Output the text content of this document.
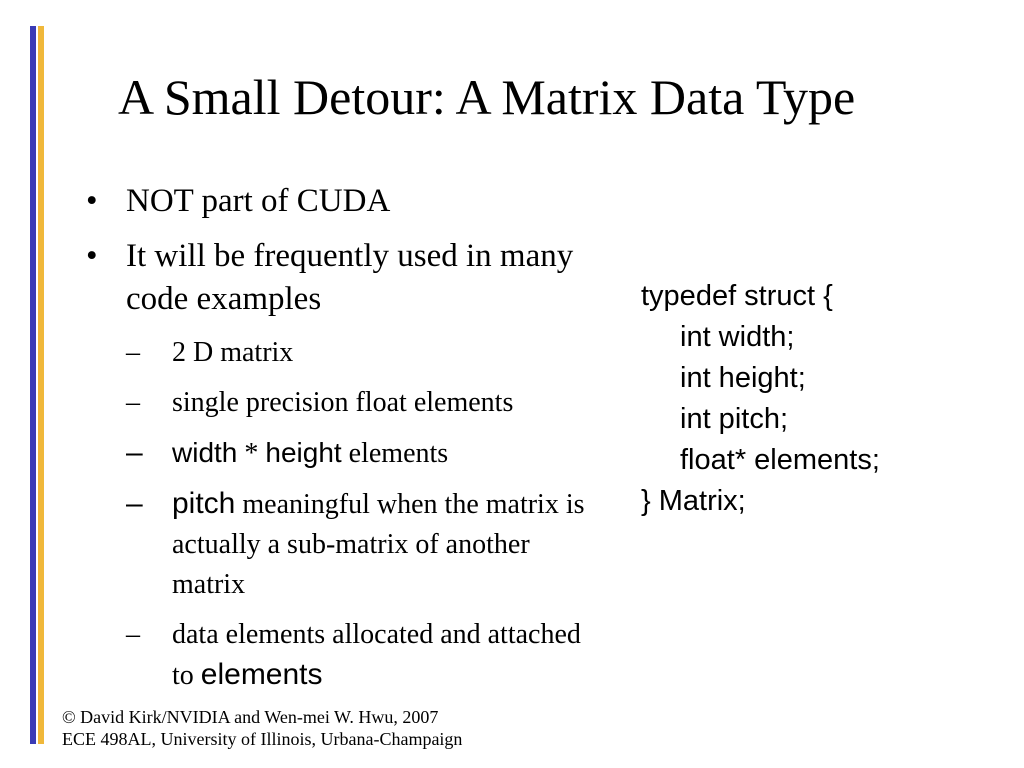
A Small Detour: A Matrix Data Type
• NOT part of CUDA
• It will be frequently used in many code examples
– 2 D matrix
– single precision float elements
– width * height elements
– pitch meaningful when the matrix is actually a sub-matrix of another matrix
– data elements allocated and attached to elements
typedef struct {
int width;
int height;
int pitch;
float* elements;
} Matrix;
© David Kirk/NVIDIA and Wen-mei W. Hwu, 2007
ECE 498AL, University of Illinois, Urbana-Champaign
